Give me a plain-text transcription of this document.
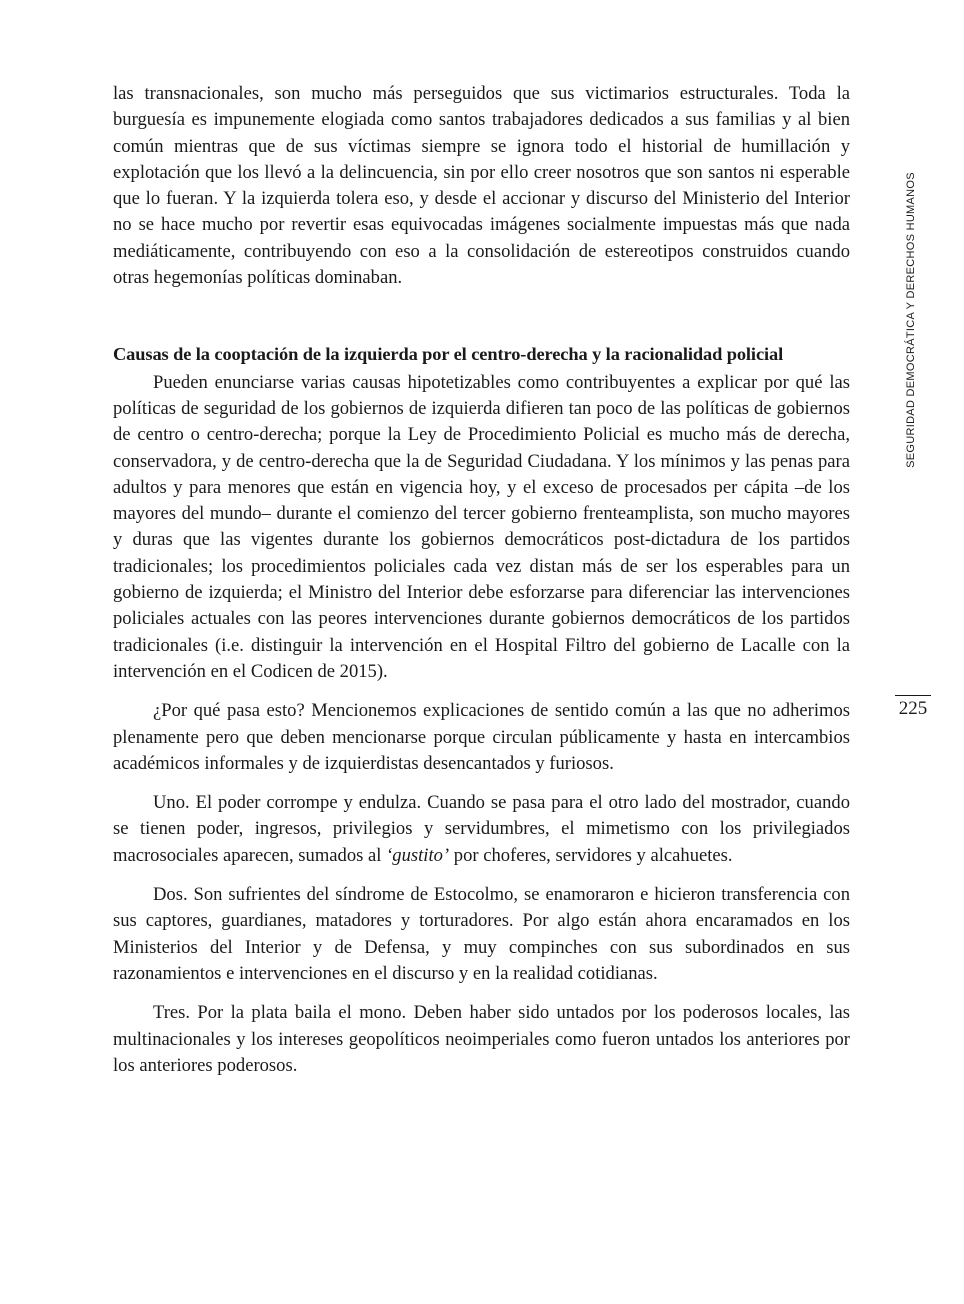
SEGURIDAD DEMOCRÁTICA Y DERECHOS HUMANOS
225

las transnacionales, son mucho más perseguidos que sus victimarios estructurales. Toda la burguesía es impunemente elogiada como santos trabajadores dedicados a sus familias y al bien común mientras que de sus víctimas siempre se ignora todo el historial de humillación y explotación que los llevó a la delincuencia, sin por ello creer nosotros que son santos ni esperable que lo fueran. Y la izquierda tolera eso, y desde el accionar y discurso del Ministerio del Interior no se hace mucho por revertir esas equivocadas imágenes socialmente impuestas más que nada mediáticamente, contribuyendo con eso a la consolidación de estereotipos construidos cuando otras hegemonías políticas dominaban.

Causas de la cooptación de la izquierda por el centro-derecha y la racionalidad policial

Pueden enunciarse varias causas hipotetizables como contribuyentes a explicar por qué las políticas de seguridad de los gobiernos de izquierda difieren tan poco de las políticas de gobiernos de centro o centro-derecha; porque la Ley de Procedimiento Policial es mucho más de derecha, conservadora, y de centro-derecha que la de Seguridad Ciudadana. Y los mínimos y las penas para adultos y para menores que están en vigencia hoy, y el exceso de procesados per cápita –de los mayores del mundo– durante el comienzo del tercer gobierno frenteamplista, son mucho mayores y duras que las vigentes durante los gobiernos democráticos post-dictadura de los partidos tradicionales; los procedimientos policiales cada vez distan más de ser los esperables para un gobierno de izquierda; el Ministro del Interior debe esforzarse para diferenciar las intervenciones policiales actuales con las peores intervenciones durante gobiernos democráticos de los partidos tradicionales (i.e. distinguir la intervención en el Hospital Filtro del gobierno de Lacalle con la intervención en el Codicen de 2015).

¿Por qué pasa esto? Mencionemos explicaciones de sentido común a las que no adherimos plenamente pero que deben mencionarse porque circulan públicamente y hasta en intercambios académicos informales y de izquierdistas desencantados y furiosos.

Uno. El poder corrompe y endulza. Cuando se pasa para el otro lado del mostrador, cuando se tienen poder, ingresos, privilegios y servidumbres, el mimetismo con los privilegiados macrosociales aparecen, sumados al ‘gustito’ por choferes, servidores y alcahuetes.

Dos. Son sufrientes del síndrome de Estocolmo, se enamoraron e hicieron transferencia con sus captores, guardianes, matadores y torturadores. Por algo están ahora encaramados en los Ministerios del Interior y de Defensa, y muy compinches con sus subordinados en sus razonamientos e intervenciones en el discurso y en la realidad cotidianas.

Tres. Por la plata baila el mono. Deben haber sido untados por los poderosos locales, las multinacionales y los intereses geopolíticos neoimperiales como fueron untados los anteriores por los anteriores poderosos.
